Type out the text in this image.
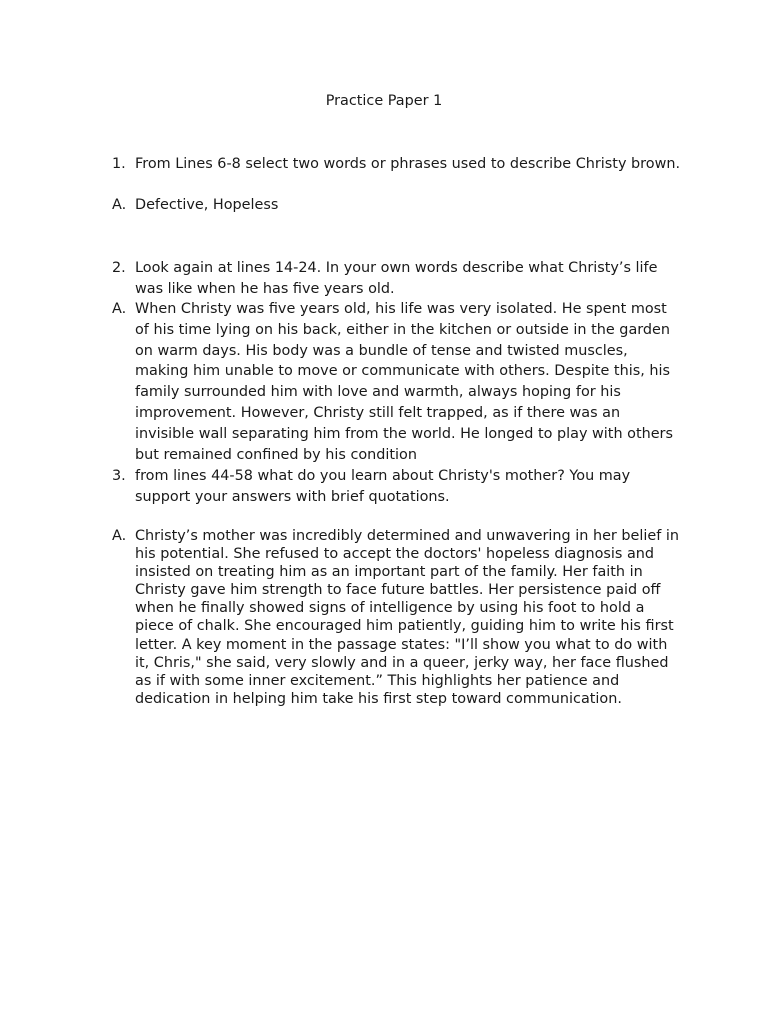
Practice Paper 1
1. From Lines 6-8 select two words or phrases used to describe Christy brown.
A. Defective, Hopeless
2. Look again at lines 14-24. In your own words describe what Christy’s life was like when he has five years old.
A. When Christy was five years old, his life was very isolated. He spent most of his time lying on his back, either in the kitchen or outside in the garden on warm days. His body was a bundle of tense and twisted muscles, making him unable to move or communicate with others. Despite this, his family surrounded him with love and warmth, always hoping for his improvement. However, Christy still felt trapped, as if there was an invisible wall separating him from the world. He longed to play with others but remained confined by his condition
3. from lines 44-58 what do you learn about Christy's mother? You may support your answers with brief quotations.
A. Christy’s mother was incredibly determined and unwavering in her belief in his potential. She refused to accept the doctors' hopeless diagnosis and insisted on treating him as an important part of the family. Her faith in Christy gave him strength to face future battles. Her persistence paid off when he finally showed signs of intelligence by using his foot to hold a piece of chalk. She encouraged him patiently, guiding him to write his first letter. A key moment in the passage states: "I’ll show you what to do with it, Chris," she said, very slowly and in a queer, jerky way, her face flushed as if with some inner excitement.” This highlights her patience and dedication in helping him take his first step toward communication.
